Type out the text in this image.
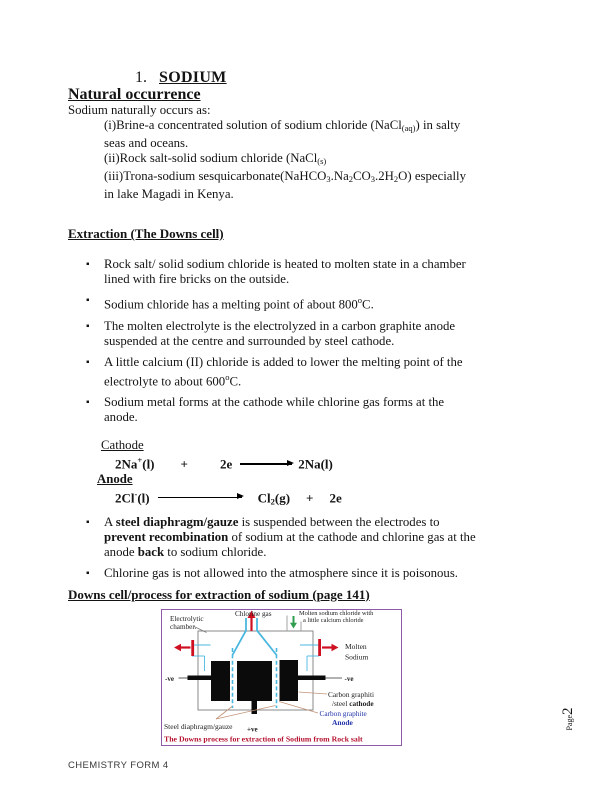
1. SODIUM
Natural occurrence
Sodium naturally occurs as:
(i)Brine-a concentrated solution of sodium chloride (NaCl(aq)) in salty
seas and oceans.
(ii)Rock salt-solid sodium chloride (NaCl(s)
(iii)Trona-sodium sesquicarbonate(NaHCO3.Na2CO3.2H2O) especially
in lake Magadi in Kenya.
Extraction (The Downs cell)
▪	Rock salt/ solid sodium chloride is heated to molten state in a chamber
lined with fire bricks on the outside.
▪	Sodium chloride has a melting point of about 800$^o$C.
▪	The molten electrolyte is the electrolyzed in a carbon graphite anode
suspended at the centre and surrounded by steel cathode.
▪	A little calcium (II) chloride is added to lower the melting point of the
electrolyte to about 600$^o$C.
▪	Sodium metal forms at the cathode while chlorine gas forms at the
anode.
Cathode
2Na+(l) + 2e → 2Na(l)
Anode
2Cl-(l)	Cl2(g) + 2e
▪	A steel diaphragm/gauze is suspended between the electrodes to
prevent recombination of sodium at the cathode and chlorine gas at the
anode back to sodium chloride.
▪	Chlorine gas is not allowed into the atmosphere since it is poisonous.
Downs cell/process for extraction of sodium (page 141)
Electrolytic
chamber.
Chlorine gas	Molten sodium chloride with
a little calcium chloride
Molten
Sodium
-ve	-ve
Carbon graphiti
/steel cathode
Carbon graphite
Anode
Steel diaphragm/gauze +ve
The Downs process for extraction of Sodium from Rock salt
CHEMISTRY FORM 4
Page2
